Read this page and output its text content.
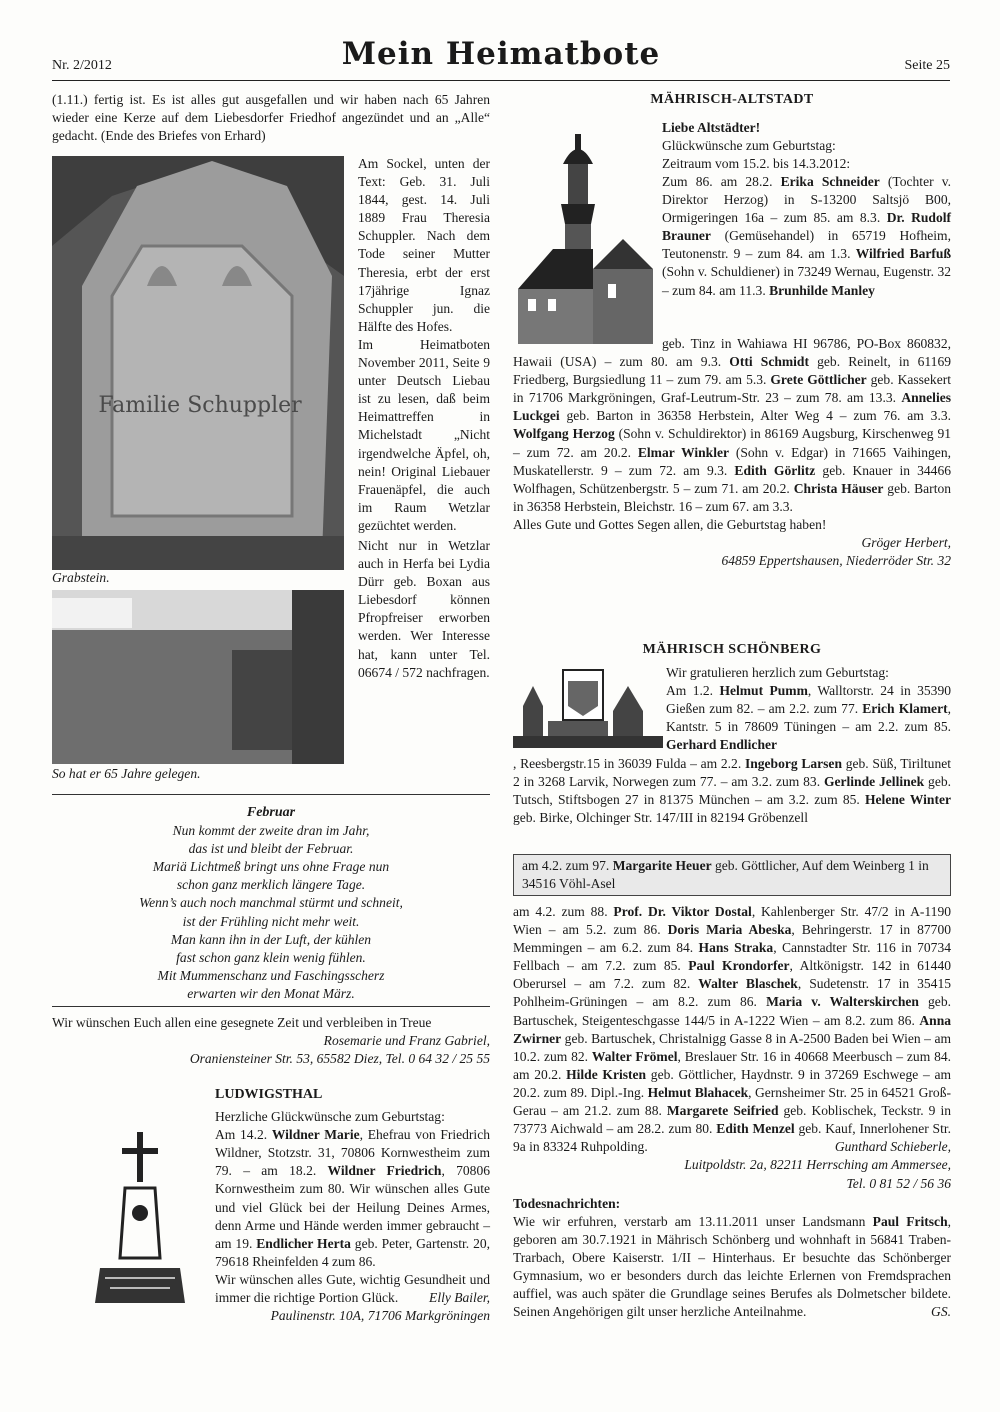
Nr. 2/2012	Mein Heimatbote	Seite 25

(1.11.) fertig ist. Es ist alles gut ausgefallen und wir haben nach 65 Jahren wieder eine Kerze auf dem Liebesdorfer Friedhof angezündet und an „Alle“ gedacht. (Ende des Briefes von Erhard)

Familie Schuppler

Am Sockel, unten der Text: Geb. 31. Juli 1844, gest. 14. Juli 1889 Frau Theresia Schuppler. Nach dem Tode seiner Mutter Theresia, erbt der erst 17jährige Ignaz Schuppler jun. die Hälfte des Hofes.

Im Heimatboten November 2011, Seite 9 unter Deutsch Liebau ist zu lesen, daß beim Heimattreffen in Michelstadt „Nicht irgendwelche Äpfel, oh, nein! Original Liebauer Frauenäpfel, die auch im Raum Wetzlar gezüchtet werden.

Nicht nur in Wetzlar auch in Herfa bei Lydia Dürr geb. Boxan aus Liebesdorf können Pfropfreiser erworben werden. Wer Interesse hat, kann unter Tel. 06674 / 572 nachfragen.

Grabstein.
So hat er 65 Jahre gelegen.

Februar

Nun kommt der zweite dran im Jahr,

das ist und bleibt der Februar.

Mariä Lichtmeß bringt uns ohne Frage nun

schon ganz merklich längere Tage.

Wenn’s auch noch manchmal stürmt und schneit,

ist der Frühling nicht mehr weit.

Man kann ihn in der Luft, der kühlen

fast schon ganz klein wenig fühlen.

Mit Mummenschanz und Faschingsscherz

erwarten wir den Monat März.

Wir wünschen Euch allen eine gesegnete Zeit und verbleiben in Treue

Rosemarie und Franz Gabriel,

Oraniensteiner Str. 53, 65582 Diez, Tel. 0 64 32 / 25 55

LUDWIGSTHAL

Herzliche Glückwünsche zum Geburtstag:

Am 14.2. Wildner Marie, Ehefrau von Friedrich Wildner, Stotzstr. 31, 70806 Kornwestheim zum 79. – am 18.2. Wildner Friedrich, 70806 Kornwestheim zum 80. Wir wünschen alles Gute und viel Glück bei der Heilung Deines Armes, denn Arme und Hände werden immer gebraucht – am 19. Endlicher Herta geb. Peter, Gartenstr. 20, 79618 Rheinfelden 4 zum 86.

Wir wünschen alles Gute, wichtig Gesundheit und immer die richtige Portion Glück.	Elly Bailer,

Paulinenstr. 10A, 71706 Markgröningen

MÄHRISCH-ALTSTADT

Liebe Altstädter!

Glückwünsche zum Geburtstag:

Zeitraum vom 15.2. bis 14.3.2012:

Zum 86. am 28.2. Erika Schneider (Tochter v. Direktor Herzog) in S-13200 Saltsjö B00, Ormigeringen 16a – zum 85. am 8.3. Dr. Rudolf Brauner (Gemüsehandel) in 65719 Hofheim, Teutonenstr. 9 – zum 84. am 1.3. Wilfried Barfuß (Sohn v. Schuldiener) in 73249 Wernau, Eugenstr. 32 – zum 84. am 11.3. Brunhilde Manley

geb. Tinz in Wahiawa HI 96786, PO-Box 860832, Hawaii (USA) – zum 80. am 9.3. Otti Schmidt geb. Reinelt, in 61169 Friedberg, Burgsiedlung 11 – zum 79. am 5.3. Grete Göttlicher geb. Kassekert in 71706 Markgröningen, Graf-Leutrum-Str. 23 – zum 78. am 13.3. Annelies Luckgei geb. Barton in 36358 Herbstein, Alter Weg 4 – zum 76. am 3.3. Wolfgang Herzog (Sohn v. Schuldirektor) in 86169 Augsburg, Kirschenweg 91 – zum 72. am 20.2. Elmar Winkler (Sohn v. Edgar) in 71665 Vaihingen, Muskatellerstr. 9 – zum 72. am 9.3. Edith Görlitz geb. Knauer in 34466 Wolfhagen, Schützenbergstr. 5 – zum 71. am 20.2. Christa Häuser geb. Barton in 36358 Herbstein, Bleichstr. 16 – zum 67. am 3.3.

Alles Gute und Gottes Segen allen, die Geburtstag haben!

Gröger Herbert,

64859 Eppertshausen, Niederröder Str. 32

MÄHRISCH SCHÖNBERG

Wir gratulieren herzlich zum Geburtstag:

Am 1.2. Helmut Pumm, Walltorstr. 24 in 35390 Gießen zum 82. – am 2.2. zum 77. Erich Klamert, Kantstr. 5 in 78609 Tüningen – am 2.2. zum 85. Gerhard Endlicher

, Reesbergstr.15 in 36039 Fulda – am 2.2. Ingeborg Larsen geb. Süß, Tiriltunet 2 in 3268 Larvik, Norwegen zum 77. – am 3.2. zum 83. Gerlinde Jellinek geb. Tutsch, Stiftsbogen 27 in 81375 München – am 3.2. zum 85. Helene Winter geb. Birke, Olchinger Str. 147/III in 82194 Gröbenzell

am 4.2. zum 97. Margarite Heuer geb. Göttlicher, Auf dem Weinberg 1 in 34516 Vöhl-Asel

am 4.2. zum 88. Prof. Dr. Viktor Dostal, Kahlenberger Str. 47/2 in A-1190 Wien – am 5.2. zum 86. Doris Maria Abeska, Behringerstr. 17 in 87700 Memmingen – am 6.2. zum 84. Hans Straka, Cannstadter Str. 116 in 70734 Fellbach – am 7.2. zum 85. Paul Krondorfer, Altkönigstr. 142 in 61440 Oberursel – am 7.2. zum 82. Walter Blaschek, Sudetenstr. 17 in 35415 Pohlheim-Grüningen – am 8.2. zum 86. Maria v. Walterskirchen geb. Bartuschek, Steigenteschgasse 144/5 in A-1222 Wien – am 8.2. zum 86. Anna Zwirner geb. Bartuschek, Christalnigg Gasse 8 in A-2500 Baden bei Wien – am 10.2. zum 82. Walter Frömel, Breslauer Str. 16 in 40668 Meerbusch – zum 84. am 20.2. Hilde Kristen geb. Göttlicher, Haydnstr. 9 in 37269 Eschwege – am 20.2. zum 89. Dipl.-Ing. Helmut Blahacek, Gernsheimer Str. 25 in 64521 Groß-Gerau – am 21.2. zum 88. Margarete Seifried geb. Koblischek, Teckstr. 9 in 73773 Aichwald – am 28.2. zum 80. Edith Menzel geb. Kauf, Innerlohener Str. 9a in 83324 Ruhpolding.	Gunthard Schieberle,

Luitpoldstr. 2a, 82211 Herrsching am Ammersee,

Tel. 0 81 52 / 56 36

Todesnachrichten:

Wie wir erfuhren, verstarb am 13.11.2011 unser Landsmann Paul Fritsch, geboren am 30.7.1921 in Mährisch Schönberg und wohnhaft in 56841 Traben-Trarbach, Obere Kaiserstr. 1/II – Hinterhaus. Er besuchte das Schönberger Gymnasium, wo er besonders durch das leichte Erlernen von Fremdsprachen auffiel, was auch später die Grundlage seines Berufes als Dolmetscher bildete. Seinen Angehörigen gilt unser herzliche Anteilnahme.	GS.
